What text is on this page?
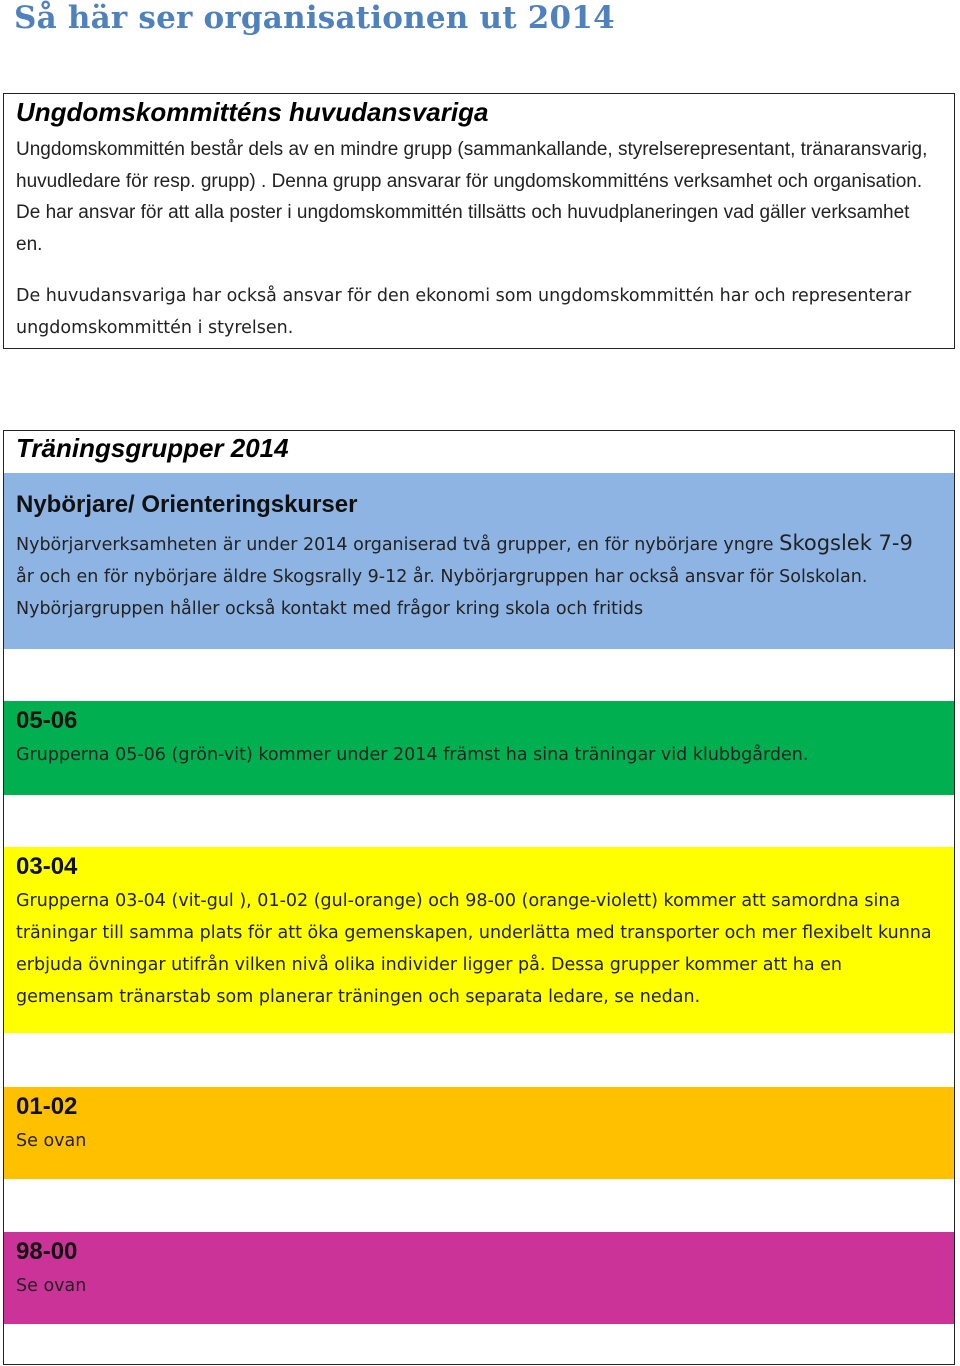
Så här ser organisationen ut 2014
Ungdomskommitténs huvudansvariga

Ungdomskommittén består dels av en mindre grupp (sammankallande, styrelserepresentant, tränaransvarig, huvudledare för resp. grupp) . Denna grupp ansvarar för ungdomskommitténs verksamhet och organisation. De har ansvar för att alla poster i ungdomskommittén tillsätts och huvudplaneringen vad gäller verksamhet en.

De huvudansvariga har också ansvar för den ekonomi som ungdomskommittén har och representerar ungdomskommittén i styrelsen.

Träningsgrupper 2014
Nybörjare/ Orienteringskurser

Nybörjarverksamheten är under 2014 organiserad två grupper, en för nybörjare yngre Skogslek 7-9 år och en för nybörjare äldre Skogsrally 9-12 år. Nybörjargruppen har också ansvar för Solskolan. Nybörjargruppen håller också kontakt med frågor kring skola och fritids

05-06

Grupperna 05-06 (grön-vit) kommer under 2014 främst ha sina träningar vid klubbgården.

03-04

Grupperna 03-04 (vit-gul ), 01-02 (gul-orange) och 98-00 (orange-violett) kommer att samordna sina träningar till samma plats för att öka gemenskapen, underlätta med transporter och mer flexibelt kunna erbjuda övningar utifrån vilken nivå olika individer ligger på. Dessa grupper kommer att ha en gemensam tränarstab som planerar träningen och separata ledare, se nedan.

01-02

Se ovan

98-00

Se ovan
